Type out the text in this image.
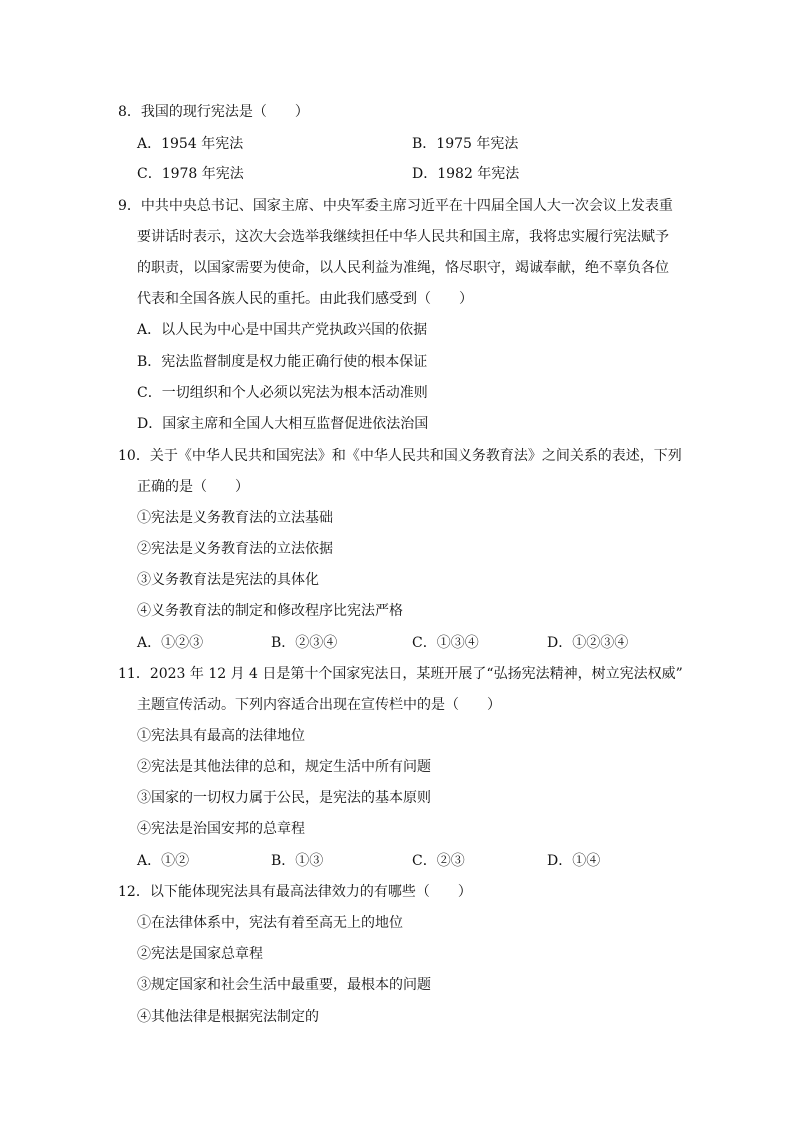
8．我国的现行宪法是（　　）
A．1954 年宪法	B．1975 年宪法
C．1978 年宪法	D．1982 年宪法
9．中共中央总书记、国家主席、中央军委主席习近平在十四届全国人大一次会议上发表重
要讲话时表示，这次大会选举我继续担任中华人民共和国主席，我将忠实履行宪法赋予
的职责，以国家需要为使命，以人民利益为准绳，恪尽职守，竭诚奉献，绝不辜负各位
代表和全国各族人民的重托。由此我们感受到（　　）
A．以人民为中心是中国共产党执政兴国的依据
B．宪法监督制度是权力能正确行使的根本保证
C．一切组织和个人必须以宪法为根本活动准则
D．国家主席和全国人大相互监督促进依法治国
10．关于《中华人民共和国宪法》和《中华人民共和国义务教育法》之间关系的表述，下列
正确的是（　　）
①宪法是义务教育法的立法基础
②宪法是义务教育法的立法依据
③义务教育法是宪法的具体化
④义务教育法的制定和修改程序比宪法严格
A．①②③	B．②③④	C．①③④	D．①②③④
11．2023 年 12 月 4 日是第十个国家宪法日，某班开展了“弘扬宪法精神，树立宪法权威”
主题宣传活动。下列内容适合出现在宣传栏中的是（　　）
①宪法具有最高的法律地位
②宪法是其他法律的总和，规定生活中所有问题
③国家的一切权力属于公民，是宪法的基本原则
④宪法是治国安邦的总章程
A．①②	B．①③	C．②③	D．①④
12．以下能体现宪法具有最高法律效力的有哪些（　　）
①在法律体系中，宪法有着至高无上的地位
②宪法是国家总章程
③规定国家和社会生活中最重要，最根本的问题
④其他法律是根据宪法制定的
